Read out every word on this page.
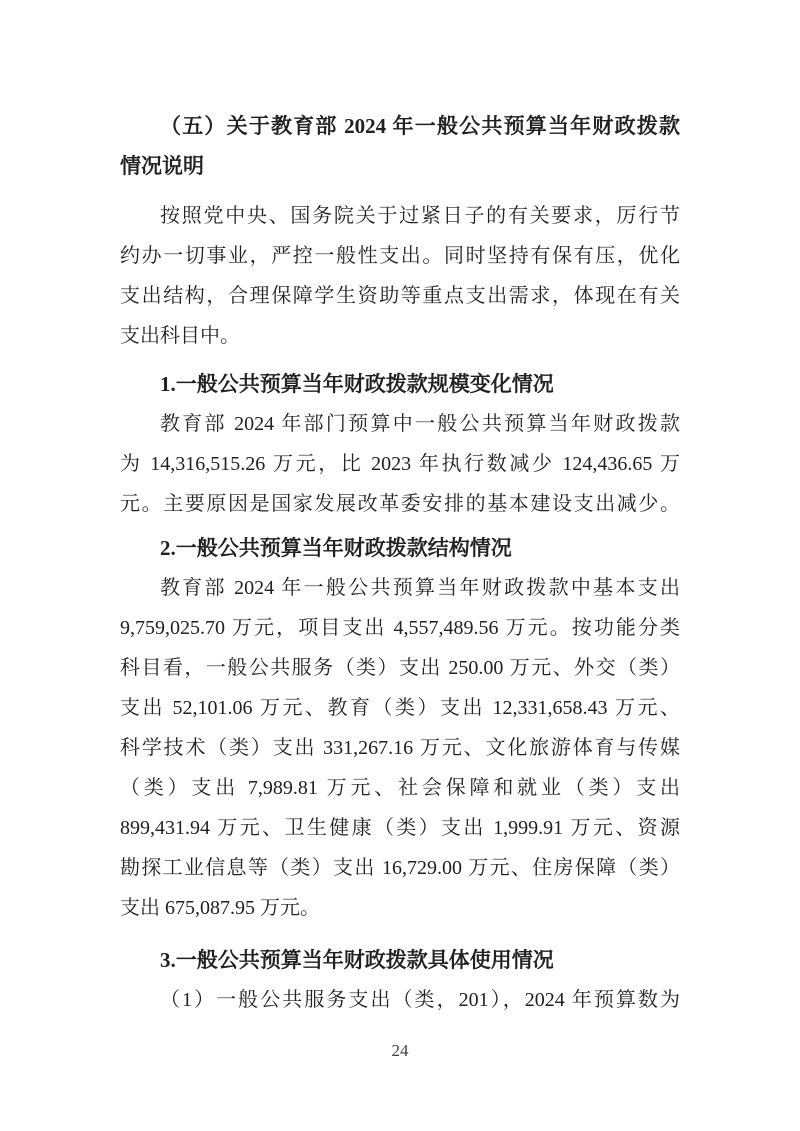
（五）关于教育部 2024 年一般公共预算当年财政拨款
情况说明
按照党中央、国务院关于过紧日子的有关要求，厉行节
约办一切事业，严控一般性支出。同时坚持有保有压，优化
支出结构，合理保障学生资助等重点支出需求，体现在有关
支出科目中。
1.一般公共预算当年财政拨款规模变化情况
教育部 2024 年部门预算中一般公共预算当年财政拨款
为 14,316,515.26 万元，比 2023 年执行数减少 124,436.65 万
元。主要原因是国家发展改革委安排的基本建设支出减少。
2.一般公共预算当年财政拨款结构情况
教育部 2024 年一般公共预算当年财政拨款中基本支出
9,759,025.70 万元，项目支出 4,557,489.56 万元。按功能分类
科目看，一般公共服务（类）支出 250.00 万元、外交（类）
支出 52,101.06 万元、教育（类）支出 12,331,658.43 万元、
科学技术（类）支出 331,267.16 万元、文化旅游体育与传媒
（类）支出 7,989.81 万元、社会保障和就业（类）支出
899,431.94 万元、卫生健康（类）支出 1,999.91 万元、资源
勘探工业信息等（类）支出 16,729.00 万元、住房保障（类）
支出 675,087.95 万元。
3.一般公共预算当年财政拨款具体使用情况
（1）一般公共服务支出（类，201），2024 年预算数为
24
